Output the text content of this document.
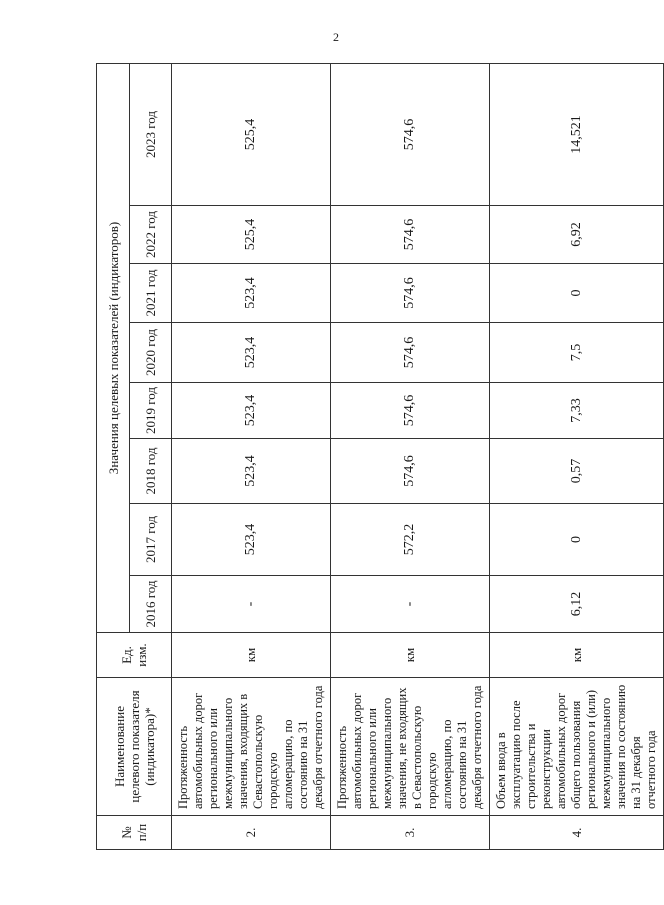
2
№ п/п	Наименование целевого показателя (индикатора)*	Ед. изм.	Значения целевых показателей (индикаторов)							
			2016 год	2017 год	2018 год	2019 год	2020 год	2021 год	2022 год	2023 год
2.	Протяженность автомобильных дорог регионального или межмуниципального значения, входящих в Севастопольскую городскую агломерацию, по состоянию на 31 декабря отчетного года	км	-	523,4	523,4	523,4	523,4	523,4	525,4	525,4
3.	Протяженность автомобильных дорог регионального или межмуниципального значения, не входящих в Севастопольскую городскую агломерацию, по состоянию на 31 декабря отчетного года	км	-	572,2	574,6	574,6	574,6	574,6	574,6	574,6
4.	Объем ввода в эксплуатацию после строительства и реконструкции автомобильных дорог общего пользования регионального и (или) межмуниципального значения по состоянию на 31 декабря отчетного года	км	6,12	0	0,57	7,33	7,5	0	6,92	14,521
